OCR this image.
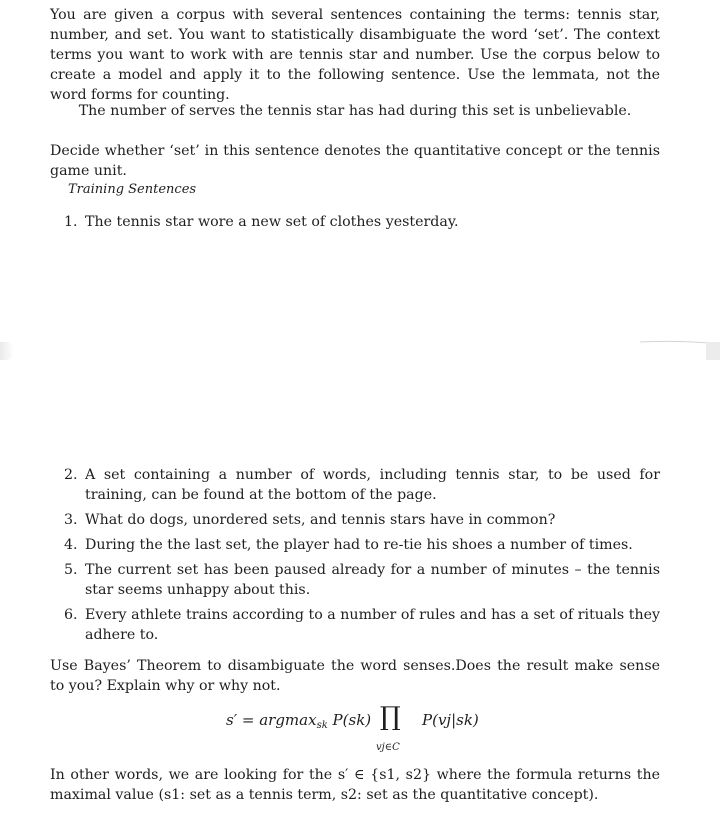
You are given a corpus with several sentences containing the terms: tennis star, number, and set. You want to statistically disambiguate the word ‘set’. The context terms you want to work with are tennis star and number. Use the corpus below to create a model and apply it to the following sentence. Use the lemmata, not the word forms for counting.

The number of serves the tennis star has had during this set is unbelievable.

Decide whether ‘set’ in this sentence denotes the quantitative concept or the tennis game unit.

Training Sentences

1. The tennis star wore a new set of clothes yesterday.
2. A set containing a number of words, including tennis star, to be used for training, can be found at the bottom of the page.
3. What do dogs, unordered sets, and tennis stars have in common?
4. During the the last set, the player had to re-tie his shoes a number of times.
5. The current set has been paused already for a number of minutes – the tennis star seems unhappy about this.
6. Every athlete trains according to a number of rules and has a set of rituals they adhere to.

Use Bayes’ Theorem to disambiguate the word senses.Does the result make sense to you? Explain why or why not.

s′ = argmax$_{sk}$ P(sk) ∏
vj∈C
P(vj|sk)

In other words, we are looking for the s′ ∈ {s1, s2} where the formula returns the maximal value (s1: set as a tennis term, s2: set as the quantitative concept).
